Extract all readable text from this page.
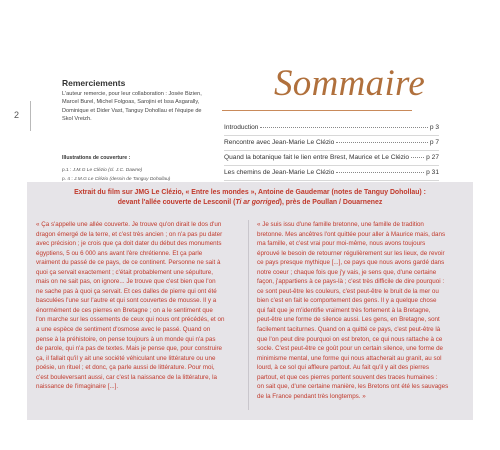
2
Remerciements
L'auteur remercie, pour leur collaboration : Josée Bizien, Marcel Burel, Michel Folgoas, Sarojini et Issa Asgarally, Dominique et Dider Vast, Tanguy Dohollau et l'équipe de Skol Vreizh.
Illustrations de couverture :
p.1 : J.M.G Le Clézio (cl. J.C. Dawne)
p. 4 : J.M.G Le Clézio (dessin de Tanguy Dohollau)
Sommaire
Introduction	p 3
Rencontre avec Jean-Marie Le Clézio	p 7
Quand la botanique fait le lien entre Brest, Maurice et Le Clézio	p 27
Les chemins de Jean-Marie Le Clézio	p 31
Extrait du film sur JMG Le Clézio, « Entre les mondes », Antoine de Gaudemar (notes de Tanguy Dohollau) :
devant l'allée couverte de Lesconil (Ti ar gorriged), près de Poullan / Douarnenez
« Ça s'appelle une allée couverte. Je trouve qu'on dirait le dos d'un
dragon émergé de la terre, et c'est très ancien ; on n'a pas pu dater
avec précision ; je crois que ça doit dater du début des monuments
égyptiens, 5 ou 6 000 ans avant l'ère chrétienne. Et ça parle
vraiment du passé de ce pays, de ce continent. Personne ne sait à
quoi ça servait exactement ; c'était probablement une sépulture,
mais on ne sait pas, on ignore... Je trouve que c'est bien que l'on
ne sache pas à quoi ça servait. Et ces dalles de pierre qui ont été
basculées l'une sur l'autre et qui sont couvertes de mousse. Il y a
énormément de ces pierres en Bretagne ; on a le sentiment que
l'on marche sur les ossements de ceux qui nous ont précédés, et on
a une espèce de sentiment d'osmose avec le passé. Quand on
pense à la préhistoire, on pense toujours à un monde qui n'a pas
de parole, qui n'a pas de textes. Mais je pense que, pour construire
ça, il fallait qu'il y ait une société véhiculant une littérature ou une
poésie, un rituel ; et donc, ça parle aussi de littérature. Pour moi,
c'est bouleversant aussi, car c'est la naissance de la littérature, la
naissance de l'imaginaire [...].
« Je suis issu d'une famille bretonne, une famille de tradition
bretonne. Mes ancêtres l'ont quittée pour aller à Maurice mais, dans
ma famille, et c'est vrai pour moi-même, nous avons toujours
éprouvé le besoin de retourner régulièrement sur les lieux, de revoir
ce pays presque mythique [...], ce pays que nous avons gardé dans
notre coeur ; chaque fois que j'y vais, je sens que, d'une certaine
façon, j'appartiens à ce pays-là ; c'est très difficile de dire pourquoi :
ce sont peut-être les couleurs, c'est peut-être le bruit de la mer ou
bien c'est en fait le comportement des gens. Il y a quelque chose
qui fait que je m'identifie vraiment très fortement à la Bretagne,
peut-être une forme de silence aussi. Les gens, en Bretagne, sont
facilement taciturnes. Quand on a quitté ce pays, c'est peut-être là
que l'on peut dire pourquoi on est breton, ce qui nous rattache à ce
socle. C'est peut-être ce goût pour un certain silence, une forme de
minimisme mental, une forme qui nous attacherait au granit, au sol
lourd, à ce sol qui affleure partout. Au fait qu'il y ait des pierres
partout, et que ces pierres portent souvent des traces humaines :
on sait que, d'une certaine manière, les Bretons ont été les sauvages
de la France pendant très longtemps. »
